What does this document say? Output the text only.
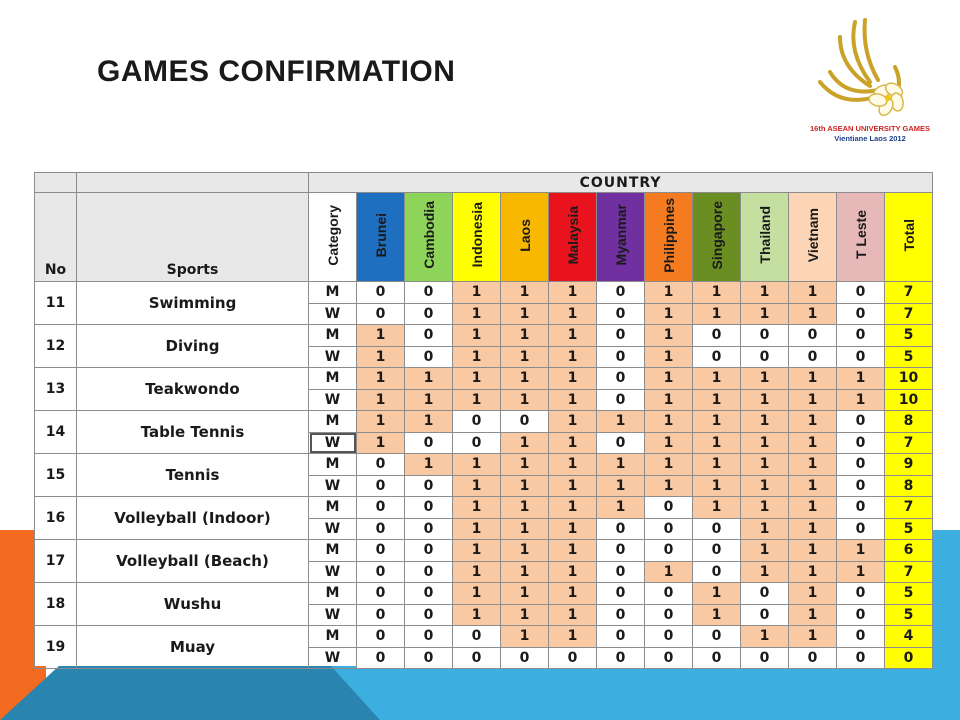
GAMES CONFIRMATION
16th ASEAN UNIVERSITY GAMES
Vientiane Laos 2012
		COUNTRY												
No	Sports	Category	Brunei	Cambodia	Indonesia	Laos	Malaysia	Myanmar	Philippines	Singapore	Thailand	Vietnam	T Leste	Total
11	Swimming	M	0	0	1	1	1	0	1	1	1	1	0	7
		W	0	0	1	1	1	0	1	1	1	1	0	7
12	Diving	M	1	0	1	1	1	0	1	0	0	0	0	5
		W	1	0	1	1	1	0	1	0	0	0	0	5
13	Teakwondo	M	1	1	1	1	1	0	1	1	1	1	1	10
		W	1	1	1	1	1	0	1	1	1	1	1	10
14	Table Tennis	M	1	1	0	0	1	1	1	1	1	1	0	8
		W	1	0	0	1	1	0	1	1	1	1	0	7
15	Tennis	M	0	1	1	1	1	1	1	1	1	1	0	9
		W	0	0	1	1	1	1	1	1	1	1	0	8
16	Volleyball (Indoor)	M	0	0	1	1	1	1	0	1	1	1	0	7
		W	0	0	1	1	1	0	0	0	1	1	0	5
17	Volleyball (Beach)	M	0	0	1	1	1	0	0	0	1	1	1	6
		W	0	0	1	1	1	0	1	0	1	1	1	7
18	Wushu	M	0	0	1	1	1	0	0	1	0	1	0	5
		W	0	0	1	1	1	0	0	1	0	1	0	5
19	Muay	M	0	0	0	1	1	0	0	0	1	1	0	4
		W	0	0	0	0	0	0	0	0	0	0	0	0
